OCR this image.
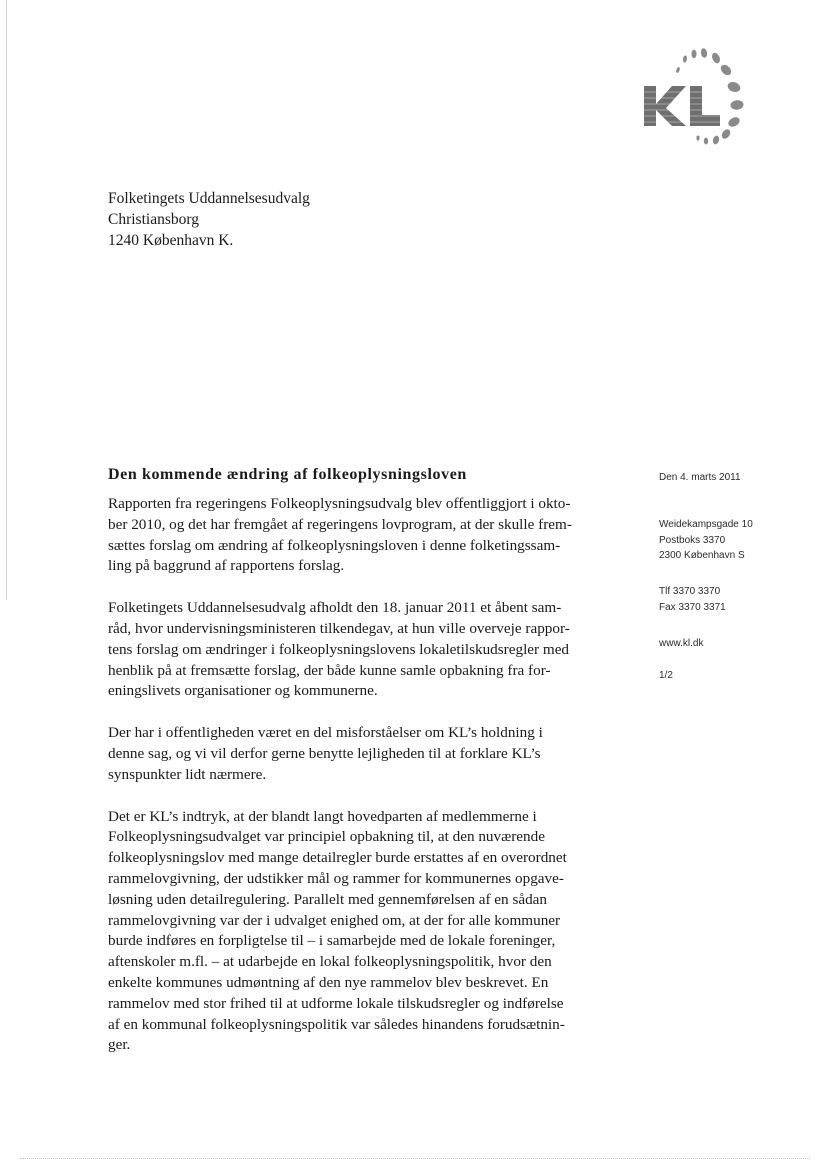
Folketingets Uddannelsesudvalg
Christiansborg
1240 København K.
Den kommende ændring af folkeoplysningsloven

Rapporten fra regeringens Folkeoplysningsudvalg blev offentliggjort i okto-
ber 2010, og det har fremgået af regeringens lovprogram, at der skulle frem-
sættes forslag om ændring af folkeoplysningsloven i denne folketingssam-
ling på baggrund af rapportens forslag.

Folketingets Uddannelsesudvalg afholdt den 18. januar 2011 et åbent sam-
råd, hvor undervisningsministeren tilkendegav, at hun ville overveje rappor-
tens forslag om ændringer i folkeoplysningslovens lokaletilskudsregler med
henblik på at fremsætte forslag, der både kunne samle opbakning fra for-
eningslivets organisationer og kommunerne.

Der har i offentligheden været en del misforståelser om KL’s holdning i
denne sag, og vi vil derfor gerne benytte lejligheden til at forklare KL’s
synspunkter lidt nærmere.

Det er KL’s indtryk, at der blandt langt hovedparten af medlemmerne i
Folkeoplysningsudvalget var principiel opbakning til, at den nuværende
folkeoplysningslov med mange detailregler burde erstattes af en overordnet
rammelovgivning, der udstikker mål og rammer for kommunernes opgave-
løsning uden detailregulering. Parallelt med gennemførelsen af en sådan
rammelovgivning var der i udvalget enighed om, at der for alle kommuner
burde indføres en forpligtelse til – i samarbejde med de lokale foreninger,
aftenskoler m.fl. – at udarbejde en lokal folkeoplysningspolitik, hvor den
enkelte kommunes udmøntning af den nye rammelov blev beskrevet. En
rammelov med stor frihed til at udforme lokale tilskudsregler og indførelse
af en kommunal folkeoplysningspolitik var således hinandens forudsætnin-
ger.

Den 4. marts 2011
Weidekampsgade 10
Postboks 3370
2300 København S
Tlf 3370 3370
Fax 3370 3371
www.kl.dk
1/2
